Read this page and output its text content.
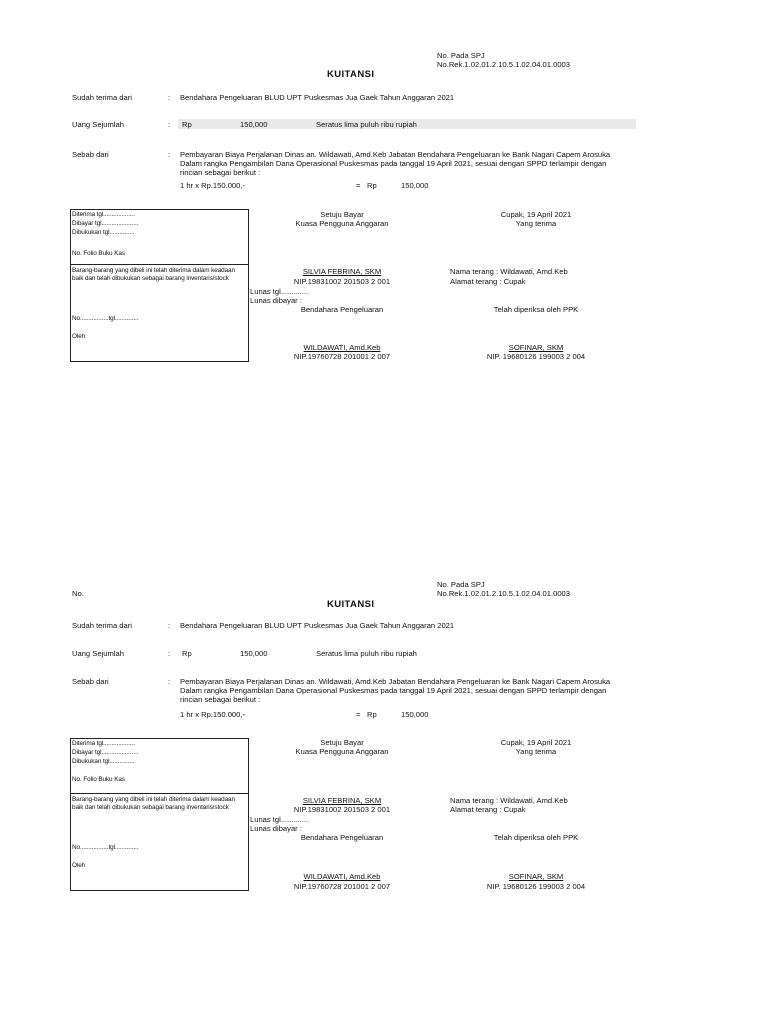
No. Pada SPJ
No.Rek.1.02.01.2.10.5.1.02.04.01.0003
KUITANSI
Sudah terima dari	: Bendahara Pengeluaran BLUD UPT Puskesmas Jua Gaek Tahun Anggaran 2021
Uang Sejumlah	: Rp	150,000	Seratus lima puluh ribu rupiah
Sebab dari	: Pembayaran Biaya Perjalanan Dinas an. Wildawati, Amd.Keb Jabatan Bendahara Pengeluaran ke Bank Nagari Capem Arosuka Dalam rangka Pengambilan Dana Operasional Puskesmas pada tanggal 19 April 2021, sesuai dengan SPPD terlampir dengan rincian sebagai berikut :
1 hr x Rp.150.000,-	= Rp	150,000
Diterima tgl...................
Dibayar tgl......................
Dibukukan tgl...............
No. Folio Buku Kas
Barang-barang yang dibeli ini telah diterima dalam keadaan baik dan telah dibukukan sebagai barang inventaris/stock
No.................tgl..............
Oleh
Setuju Bayar
Kuasa Pengguna Anggaran
SILVIA FEBRINA, SKM
NIP.19831002 201503 2 001
Lunas tgl.............
Lunas dibayar :
Bendahara Pengeluaran
WILDAWATI, Amd.Keb
NIP.19760728 201001 2 007
Cupak, 19 April 2021
Yang terima
Nama terang : Wildawati, Amd.Keb
Alamat terang : Cupak
Telah diperiksa oleh PPK
SOFINAR, SKM
NIP. 19680126 199003 2 004
No.
No. Pada SPJ
No.Rek.1.02.01.2.10.5.1.02.04.01.0003
KUITANSI
Sudah terima dari	: Bendahara Pengeluaran BLUD UPT Puskesmas Jua Gaek Tahun Anggaran 2021
Uang Sejumlah	: Rp	150,000	Seratus lima puluh ribu rupiah
Sebab dari	: Pembayaran Biaya Perjalanan Dinas an. Wildawati, Amd.Keb Jabatan Bendahara Pengeluaran ke Bank Nagari Capem Arosuka Dalam rangka Pengambilan Dana Operasional Puskesmas pada tanggal 19 April 2021, sesuai dengan SPPD terlampir dengan rincian sebagai berikut :
1 hr x Rp.150.000,-	= Rp	150,000
Diterima tgl...................
Dibayar tgl......................
Dibukukan tgl...............
No. Folio Buku Kas
Barang-barang yang dibeli ini telah diterima dalam keadaan baik dan telah dibukukan sebagai barang inventaris/stock
No.................tgl..............
Oleh
Setuju Bayar
Kuasa Pengguna Anggaran
SILVIA FEBRINA, SKM
NIP.19831002 201503 2 001
Lunas tgl.............
Lunas dibayar :
Bendahara Pengeluaran
WILDAWATI, Amd.Keb
NIP.19760728 201001 2 007
Cupak, 19 April 2021
Yang terima
Nama terang : Wildawati, Amd.Keb
Alamat terang : Cupak
Telah diperiksa oleh PPK
SOFINAR, SKM
NIP. 19680126 199003 2 004
